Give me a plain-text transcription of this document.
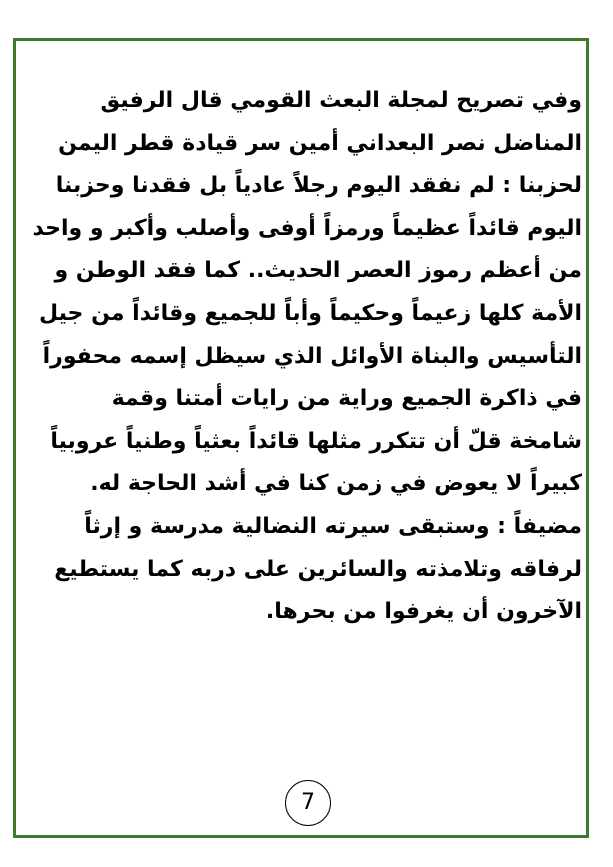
وفي تصريح لمجلة البعث القومي قال الرفيق
المناضل نصر البعداني أمين سر قيادة قطر اليمن
لحزبنا : لم نفقد اليوم رجلاً عادياً بل فقدنا وحزبنا
اليوم قائداً عظيماً ورمزاً أوفى وأصلب وأكبر و واحد
من أعظم رموز العصر الحديث.. كما فقد الوطن و
الأمة كلها زعيماً وحكيماً وأباً للجميع وقائداً من جيل
التأسيس والبناة الأوائل الذي سيظل إسمه محفوراً
في ذاكرة الجميع وراية من رايات أمتنا وقمة
شامخة قلّ أن تتكرر مثلها قائداً بعثياً وطنياً عروبياً
كبيراً لا يعوض في زمن كنا في أشد الحاجة له.
مضيفاً : وستبقى سيرته النضالية مدرسة و إرثاً
لرفاقه وتلامذته والسائرين على دربه كما يستطيع
الآخرون أن يغرفوا من بحرها.
7
